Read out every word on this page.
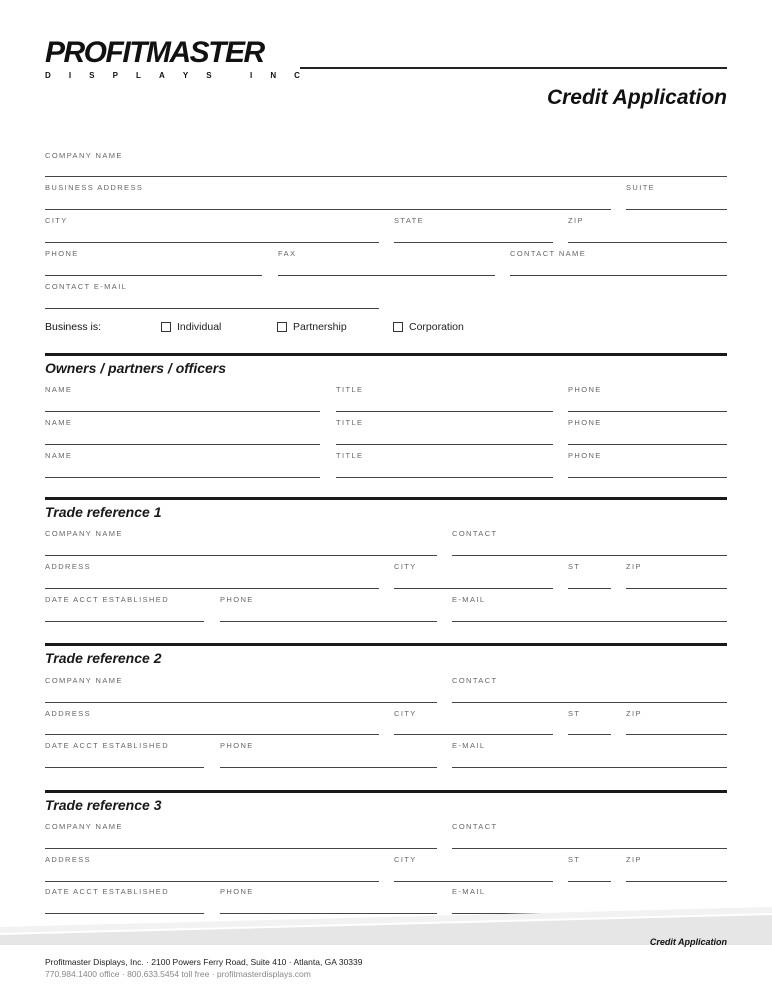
PROFITMASTER
D I S P L A Y S
	I N C
Credit Application
COMPANY NAME
BUSINESS ADDRESS	SUITE
CITY	STATE	ZIP
PHONE	FAX	CONTACT NAME
CONTACT E-MAIL
Business is:	Individual	Partnership	Corporation
Owners / partners / officers
NAME	TITLE	PHONE
NAME	TITLE	PHONE
NAME	TITLE	PHONE
Trade reference 1
COMPANY NAME	CONTACT
ADDRESS	CITY	ST	ZIP
DATE ACCT ESTABLISHED	PHONE	E-MAIL
Trade reference 2
COMPANY NAME	CONTACT
ADDRESS	CITY	ST	ZIP
DATE ACCT ESTABLISHED	PHONE	E-MAIL
Trade reference 3
COMPANY NAME	CONTACT
ADDRESS	CITY	ST	ZIP
DATE ACCT ESTABLISHED	PHONE	E-MAIL
Credit Application
Profitmaster Displays, Inc. · 2100 Powers Ferry Road, Suite 410 · Atlanta, GA 30339
770.984.1400 office · 800.633.5454 toll free · profitmasterdisplays.com
